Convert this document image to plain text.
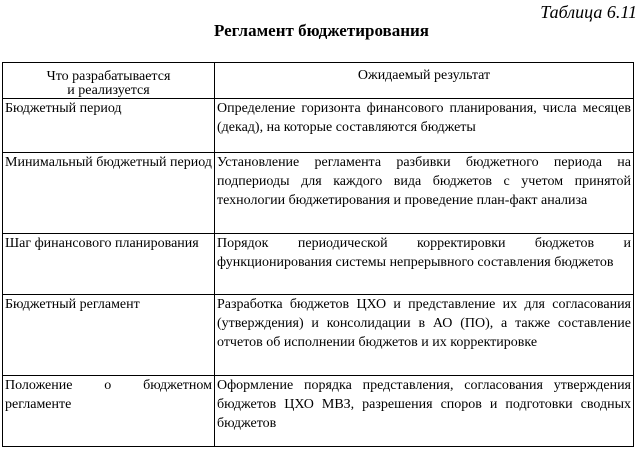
Таблица 6.11
Регламент бюджетирования
Что разрабатывается
и реализуется	Ожидаемый результат
Бюджетный период	Определение горизонта финансового планирования, числа месяцев (декад), на которые составляются бюджеты
Минимальный бюджетный период	Установление регламента разбивки бюджетного периода на подпериоды для каждого вида бюджетов с учетом принятой технологии бюджетирования и проведение план-факт анализа
Шаг финансового планирования	Порядок периодической корректировки бюджетов и функционирования системы непрерывного составления бюджетов
Бюджетный регламент	Разработка бюджетов ЦХО и представление их для согласования (утверждения) и консолидации в АО (ПО), а также составление отчетов об исполнении бюджетов и их корректировке
Положение о бюджетном регламенте	Оформление порядка представления, согласования утверждения бюджетов ЦХО МВЗ, разрешения споров и подготовки сводных бюджетов
